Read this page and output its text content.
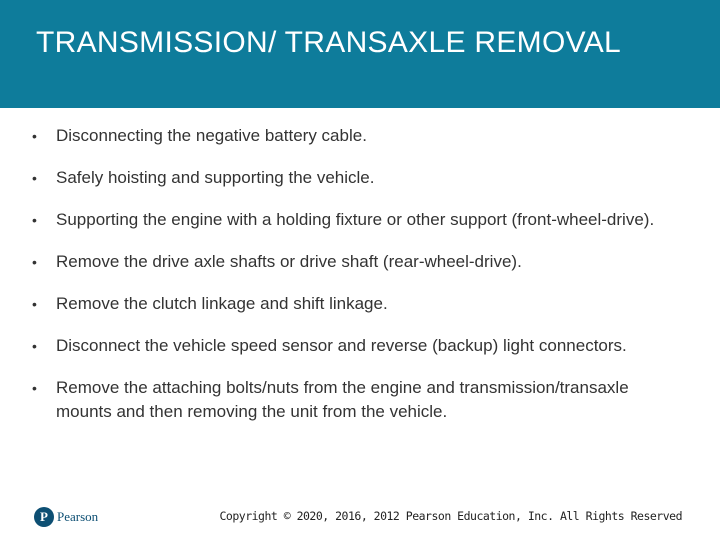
TRANSMISSION/ TRANSAXLE REMOVAL
• Disconnecting the negative battery cable.
• Safely hoisting and supporting the vehicle.
• Supporting the engine with a holding fixture or other support (front-wheel-drive).
• Remove the drive axle shafts or drive shaft (rear-wheel-drive).
• Remove the clutch linkage and shift linkage.
• Disconnect the vehicle speed sensor and reverse (backup) light connectors.
• Remove the attaching bolts/nuts from the engine and transmission/transaxle mounts and then removing the unit from the vehicle.
P Pearson	Copyright © 2020, 2016, 2012 Pearson Education, Inc. All Rights Reserved
